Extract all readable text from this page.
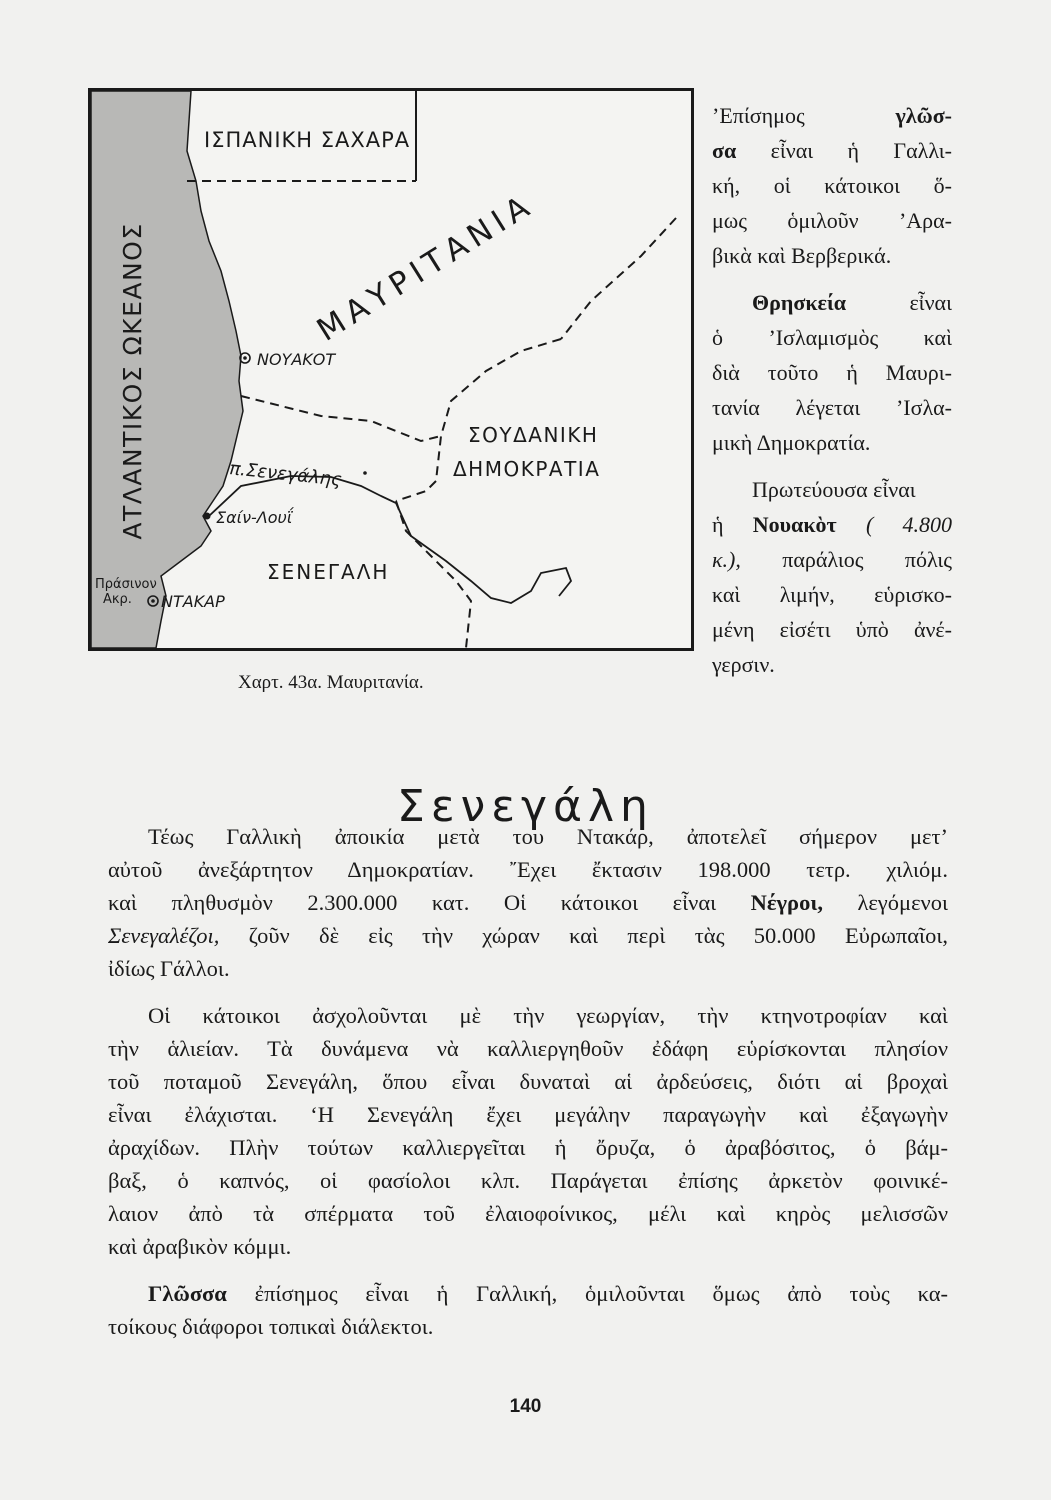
ΑΤΛΑΝΤΙΚΟΣ ΩΚΕΑΝΟΣ
ΙΣΠΑΝΙΚΗ ΣΑΧΑΡΑ
ΜΑΥΡΙΤΑΝΙΑ
ΝΟΥΑΚΟΤ
ΣΟΥΔΑΝΙΚΗ
ΔΗΜΟΚΡΑΤΙΑ
π.Σενεγάλης
Σαίν-Λουΐ
ΣΕΝΕΓΑΛΗ
Πράσινον
Ακρ. ΝΤΑΚΑΡ
Χαρτ. 43α. Μαυριτανία.

’Επίσημος	γλῶσ-
σα εἶναι ἡ Γαλλι-
κή, οἱ κάτοικοι ὅ-
μως ὁμιλοῦν ’Αρα-
βικὰ καὶ Βερβερικά.

Θρησκεία	εἶναι
ὁ ’Ισλαμισμὸς καὶ
διὰ τοῦτο ἡ Μαυρι-
τανία λέγεται ’Ισλα-
μικὴ Δημοκρατία.

Πρωτεύουσα εἶναι
ἡ Νουακὸτ ( 4.800
κ.), παράλιος πόλις
καὶ λιμήν, εὑρισκο-
μένη εἰσέτι ὑπὸ ἀνέ-
γερσιν.

Σενεγάλη

Τέως Γαλλικὴ ἀποικία μετὰ του Ντακάρ, ἀποτελεῖ σήμερον μετ’
αὐτοῦ ἀνεξάρτητον Δημοκρατίαν. ῎Εχει ἔκτασιν 198.000 τετρ. χιλιόμ.
καὶ πληθυσμὸν 2.300.000 κατ. Οἱ κάτοικοι εἶναι Νέγροι, λεγόμενοι
Σενεγαλέζοι, ζοῦν δὲ εἰς τὴν χώραν καὶ περὶ τὰς 50.000 Εὐρωπαῖοι,
ἰδίως Γάλλοι.

Οἱ κάτοικοι ἀσχολοῦνται μὲ τὴν γεωργίαν, τὴν κτηνοτροφίαν καὶ
τὴν ἁλιείαν. Τὰ δυνάμενα νὰ καλλιεργηθοῦν ἐδάφη εὑρίσκονται πλησίον
τοῦ ποταμοῦ Σενεγάλη, ὅπου εἶναι δυναταὶ αἱ ἀρδεύσεις, διότι αἱ βροχαὶ
εἶναι ἐλάχισται. ‘Η Σενεγάλη ἔχει μεγάλην παραγωγὴν καὶ ἐξαγωγὴν
ἀραχίδων. Πλὴν τούτων καλλιεργεῖται ἡ ὄρυζα, ὁ ἀραβόσιτος, ὁ βάμ-
βαξ, ὁ καπνός, οἱ φασίολοι κλπ. Παράγεται ἐπίσης ἀρκετὸν φοινικέ-
λαιον ἀπὸ τὰ σπέρματα τοῦ ἐλαιοφοίνικος, μέλι καὶ κηρὸς μελισσῶν
καὶ ἀραβικὸν κόμμι.

Γλῶσσα ἐπίσημος εἶναι ἡ Γαλλική, ὁμιλοῦνται ὅμως ἀπὸ τοὺς κα-
τοίκους διάφοροι τοπικαὶ διάλεκτοι.

140
